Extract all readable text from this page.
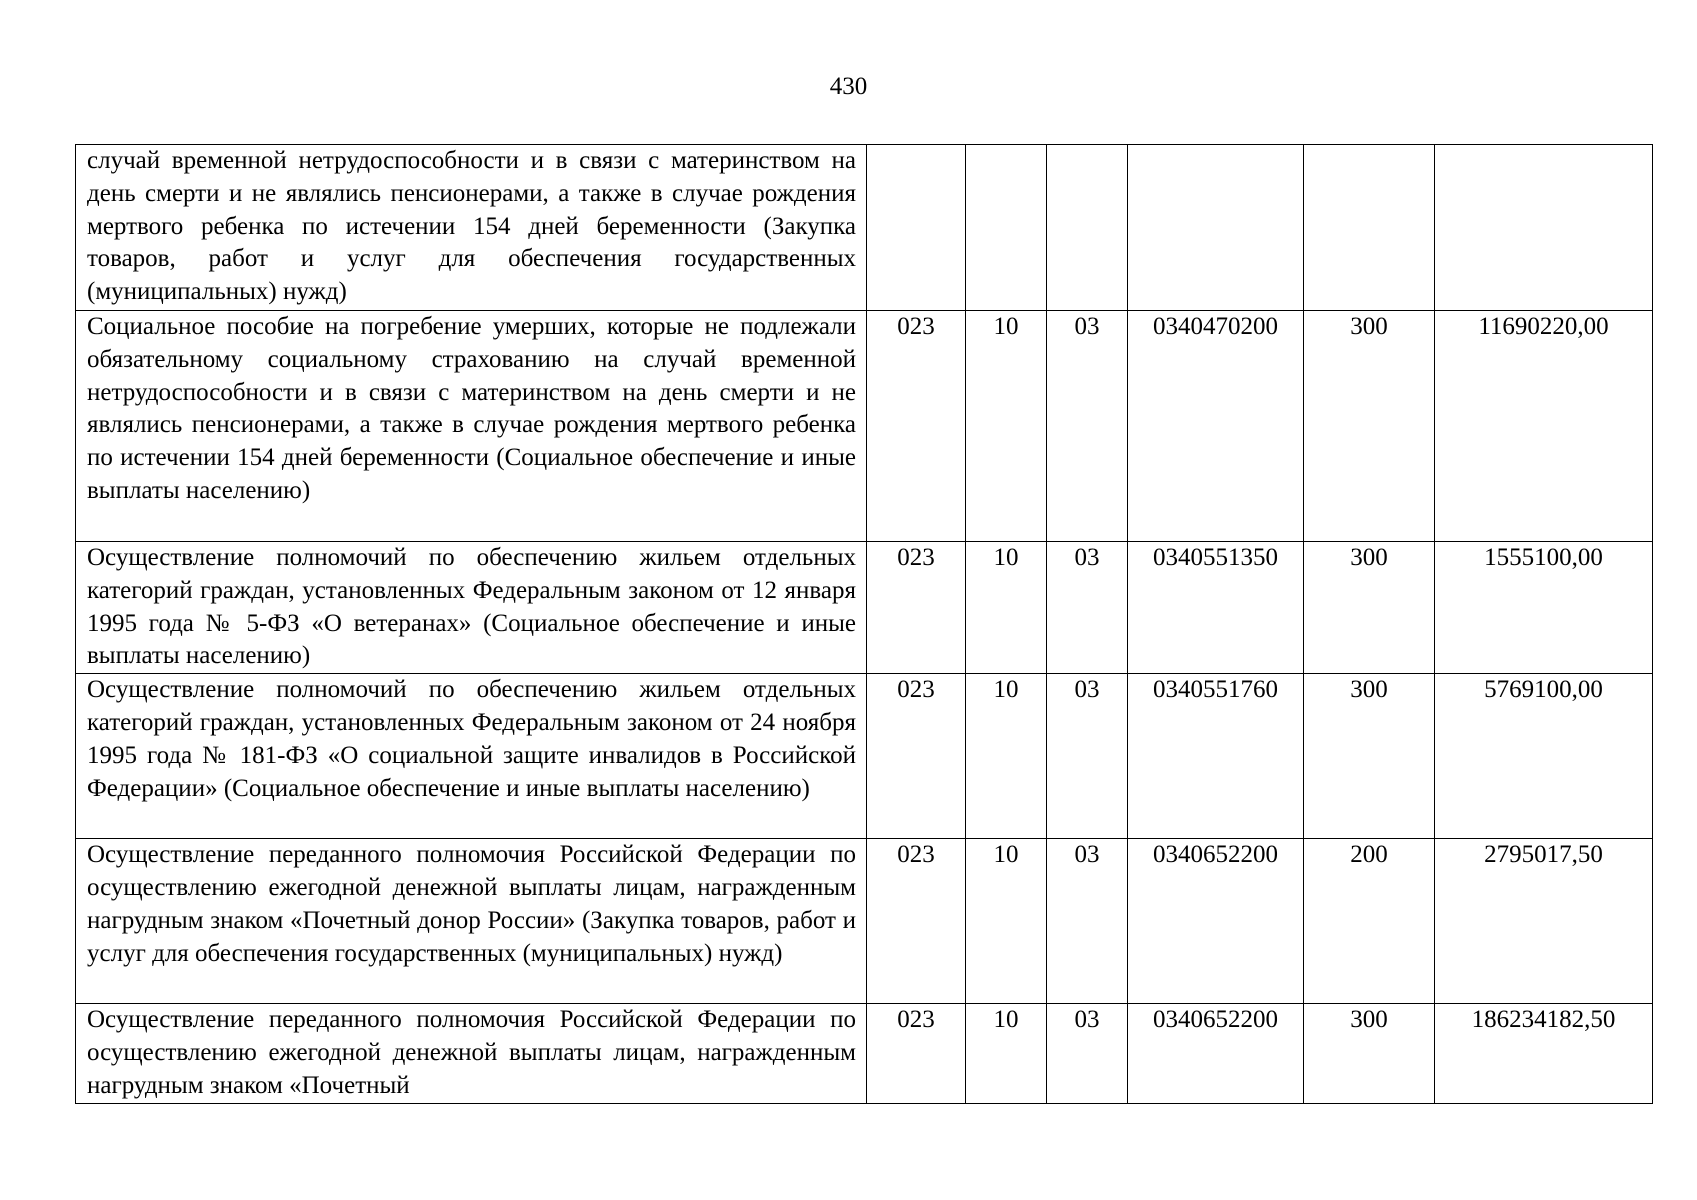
430
случай временной нетрудоспособности и в связи с материнством на день смерти и не являлись пенсионерами, а также в случае рождения мертвого ребенка по истечении 154 дней беременности (Закупка товаров, работ и услуг для обеспечения государственных (муниципальных) нужд)						
Социальное пособие на погребение умерших, которые не подлежали обязательному социальному страхованию на случай временной нетрудоспособности и в связи с материнством на день смерти и не являлись пенсионерами, а также в случае рождения мертвого ребенка по истечении 154 дней беременности (Социальное обеспечение и иные выплаты населению)	023	10	03	0340470200	300	11690220,00
Осуществление полномочий по обеспечению жильем отдельных категорий граждан, установленных Федеральным законом от 12 января 1995 года № 5-ФЗ «О ветеранах» (Социальное обеспечение и иные выплаты населению)	023	10	03	0340551350	300	1555100,00
Осуществление полномочий по обеспечению жильем отдельных категорий граждан, установленных Федеральным законом от 24 ноября 1995 года № 181-ФЗ «О социальной защите инвалидов в Российской Федерации» (Социальное обеспечение и иные выплаты населению)	023	10	03	0340551760	300	5769100,00
Осуществление переданного полномочия Российской Федерации по осуществлению ежегодной денежной выплаты лицам, награжденным нагрудным знаком «Почетный донор России» (Закупка товаров, работ и услуг для обеспечения государственных (муниципальных) нужд)	023	10	03	0340652200	200	2795017,50
Осуществление переданного полномочия Российской Федерации по осуществлению ежегодной денежной выплаты лицам, награжденным нагрудным знаком «Почетный	023	10	03	0340652200	300	186234182,50
